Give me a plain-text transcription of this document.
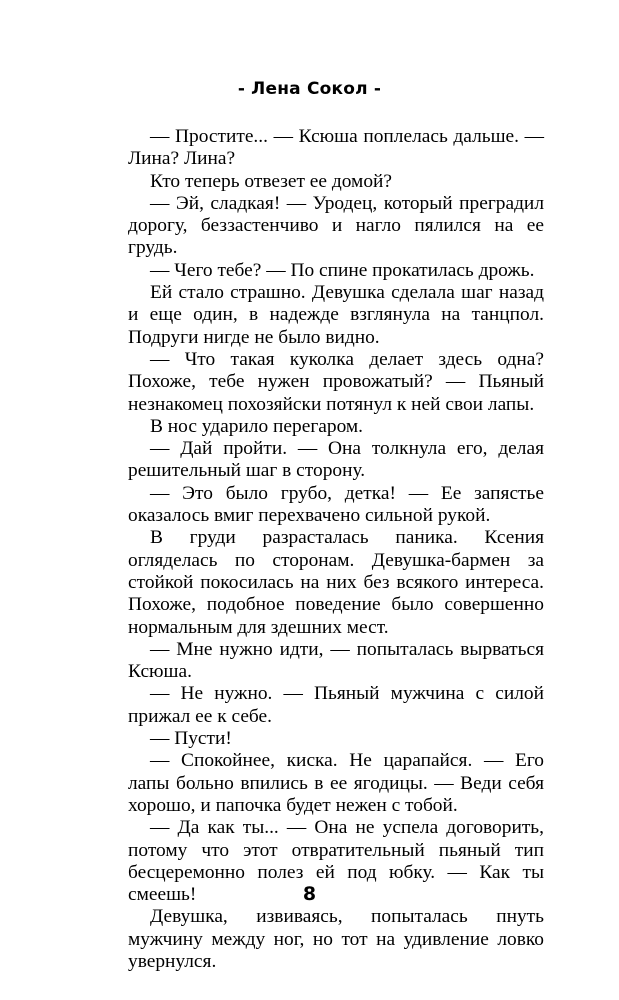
- Лена Сокол -

— Простите... — Ксюша поплелась дальше. — Лина? Лина?

Кто теперь отвезет ее домой?

— Эй, сладкая! — Уродец, который преградил дорогу, беззастенчиво и нагло пялился на ее грудь.

— Чего тебе? — По спине прокатилась дрожь.

Ей стало страшно. Девушка сделала шаг назад и еще один, в надежде взглянула на танцпол. Подруги нигде не было видно.

— Что такая куколка делает здесь одна? Похоже, тебе нужен провожатый? — Пьяный незнакомец похозяйски потянул к ней свои лапы.

В нос ударило перегаром.

— Дай пройти. — Она толкнула его, делая решительный шаг в сторону.

— Это было грубо, детка! — Ее запястье оказалось вмиг перехвачено сильной рукой.

В груди разрасталась паника. Ксения огляделась по сторонам. Девушка-бармен за стойкой покосилась на них без всякого интереса. Похоже, подобное поведение было совершенно нормальным для здешних мест.

— Мне нужно идти, — попыталась вырваться Ксюша.

— Не нужно. — Пьяный мужчина с силой прижал ее к себе.

— Пусти!

— Спокойнее, киска. Не царапайся. — Его лапы больно впились в ее ягодицы. — Веди себя хорошо, и папочка будет нежен с тобой.

— Да как ты... — Она не успела договорить, потому что этот отвратительный пьяный тип бесцеремонно полез ей под юбку. — Как ты смеешь!

Девушка, извиваясь, попыталась пнуть мужчину между ног, но тот на удивление ловко увернулся.

8
